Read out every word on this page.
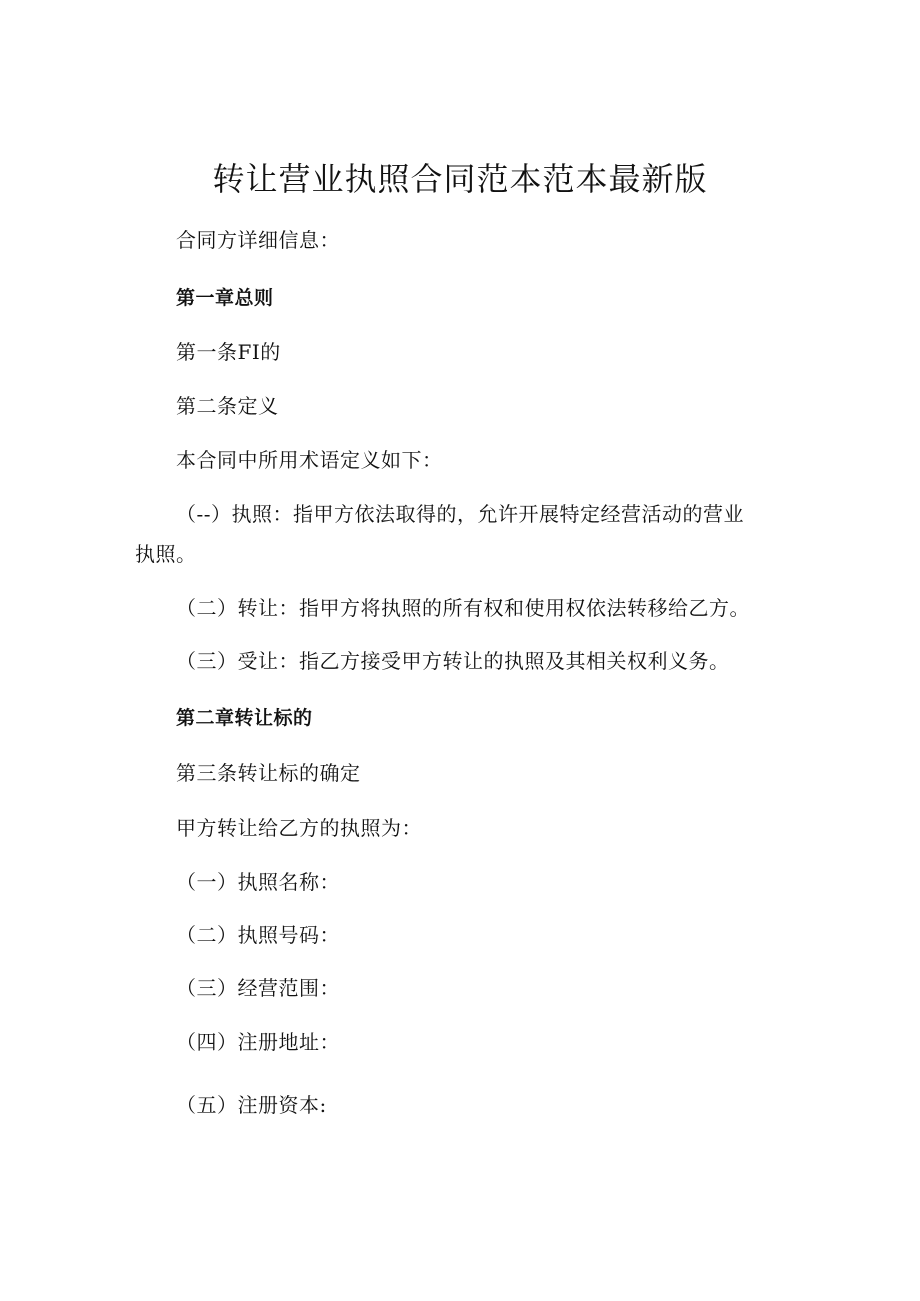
转让营业执照合同范本范本最新版
合同方详细信息：
第一章总则
第一条FI的
第二条定义
本合同中所用术语定义如下：
（--）执照：指甲方依法取得的，允许开展特定经营活动的营业
执照。
（二）转让：指甲方将执照的所有权和使用权依法转移给乙方。
（三）受让：指乙方接受甲方转让的执照及其相关权利义务。
第二章转让标的
第三条转让标的确定
甲方转让给乙方的执照为：
（一）执照名称：
（二）执照号码：
（三）经营范围：
（四）注册地址：
（五）注册资本:
